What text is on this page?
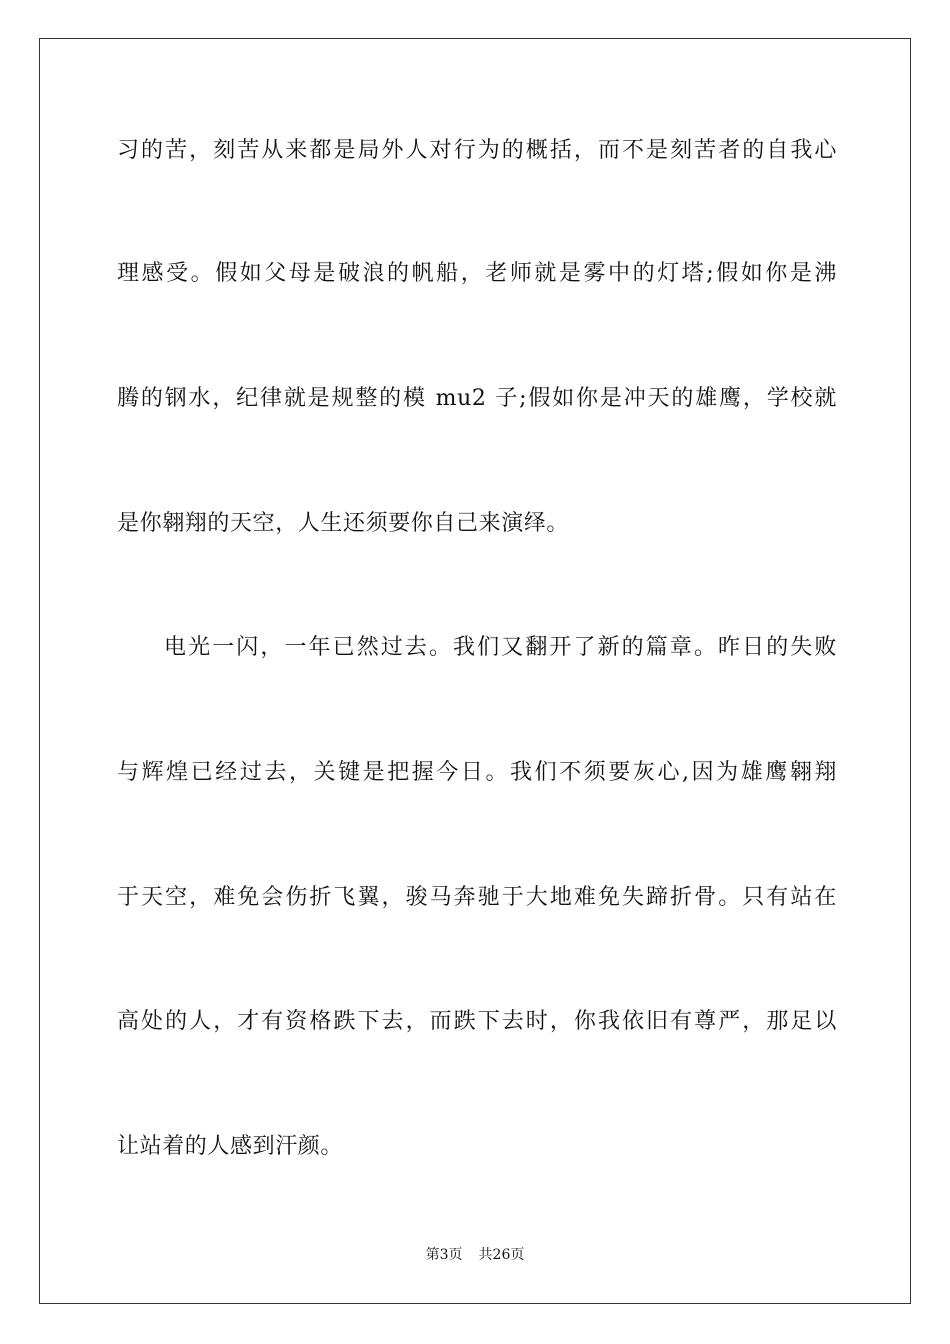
习的苦，刻苦从来都是局外人对行为的概括，而不是刻苦者的自我心
理感受。假如父母是破浪的帆船，老师就是雾中的灯塔;假如你是沸
腾的钢水，纪律就是规整的模 mu2 子;假如你是冲天的雄鹰，学校就
是你翱翔的天空，人生还须要你自己来演绎。
电光一闪，一年已然过去。我们又翻开了新的篇章。昨日的失败
与辉煌已经过去，关键是把握今日。我们不须要灰心,因为雄鹰翱翔
于天空，难免会伤折飞翼，骏马奔驰于大地难免失蹄折骨。只有站在
高处的人，才有资格跌下去，而跌下去时，你我依旧有尊严，那足以
让站着的人感到汗颜。
第3页 共26页
